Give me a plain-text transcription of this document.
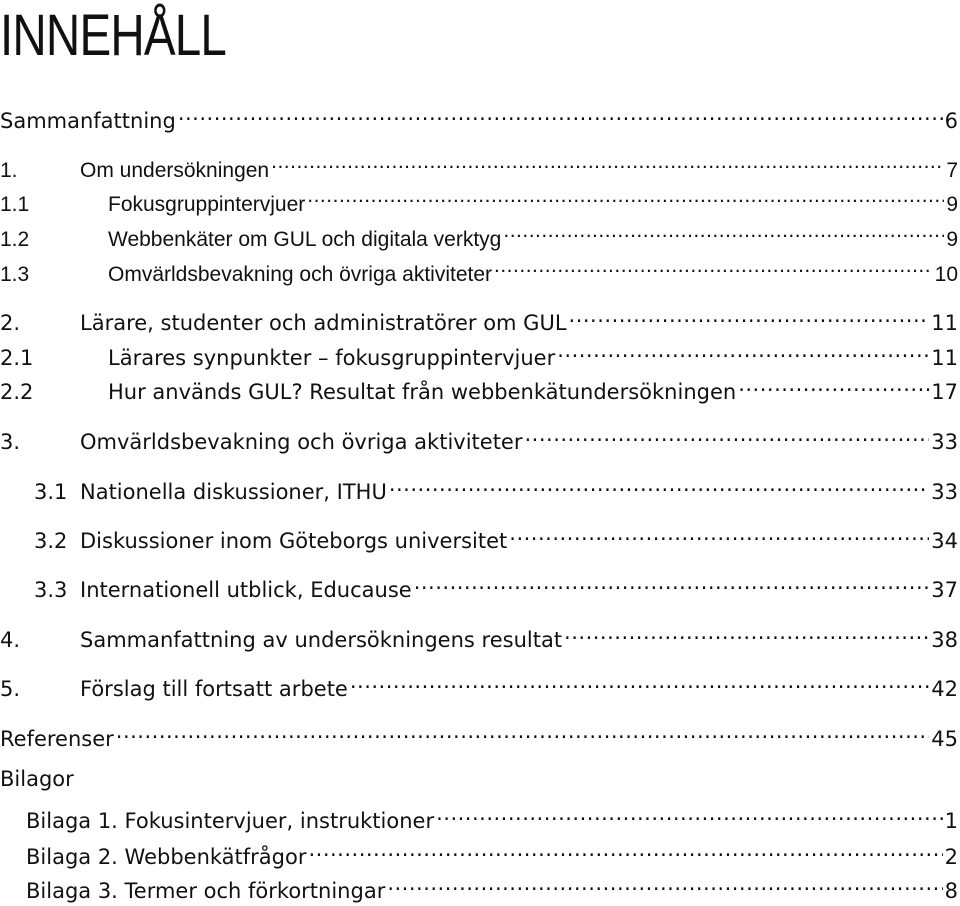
INNEHÅLL
Sammanfattning .....	6
1.	Om undersökningen .....	7
1.1	Fokusgruppintervjuer .....	9
1.2	Webbenkäter om GUL och digitala verktyg .....	9
1.3	Omvärldsbevakning och övriga aktiviteter .....	10
2.	Lärare, studenter och administratörer om GUL .....	11
2.1	Lärares synpunkter – fokusgruppintervjuer .....	11
2.2	Hur används GUL? Resultat från webbenkätundersökningen .....	17
3.	Omvärldsbevakning och övriga aktiviteter .....	33
3.1 Nationella diskussioner, ITHU .....	33
3.2 Diskussioner inom Göteborgs universitet .....	34
3.3 Internationell utblick, Educause .....	37
4.	Sammanfattning av undersökningens resultat .....	38
5.	Förslag till fortsatt arbete .....	42
Referenser .....	45
Bilagor
Bilaga 1. Fokusintervjuer, instruktioner .....	1
Bilaga 2. Webbenkätfrågor .....	2
Bilaga 3. Termer och förkortningar .....	8
